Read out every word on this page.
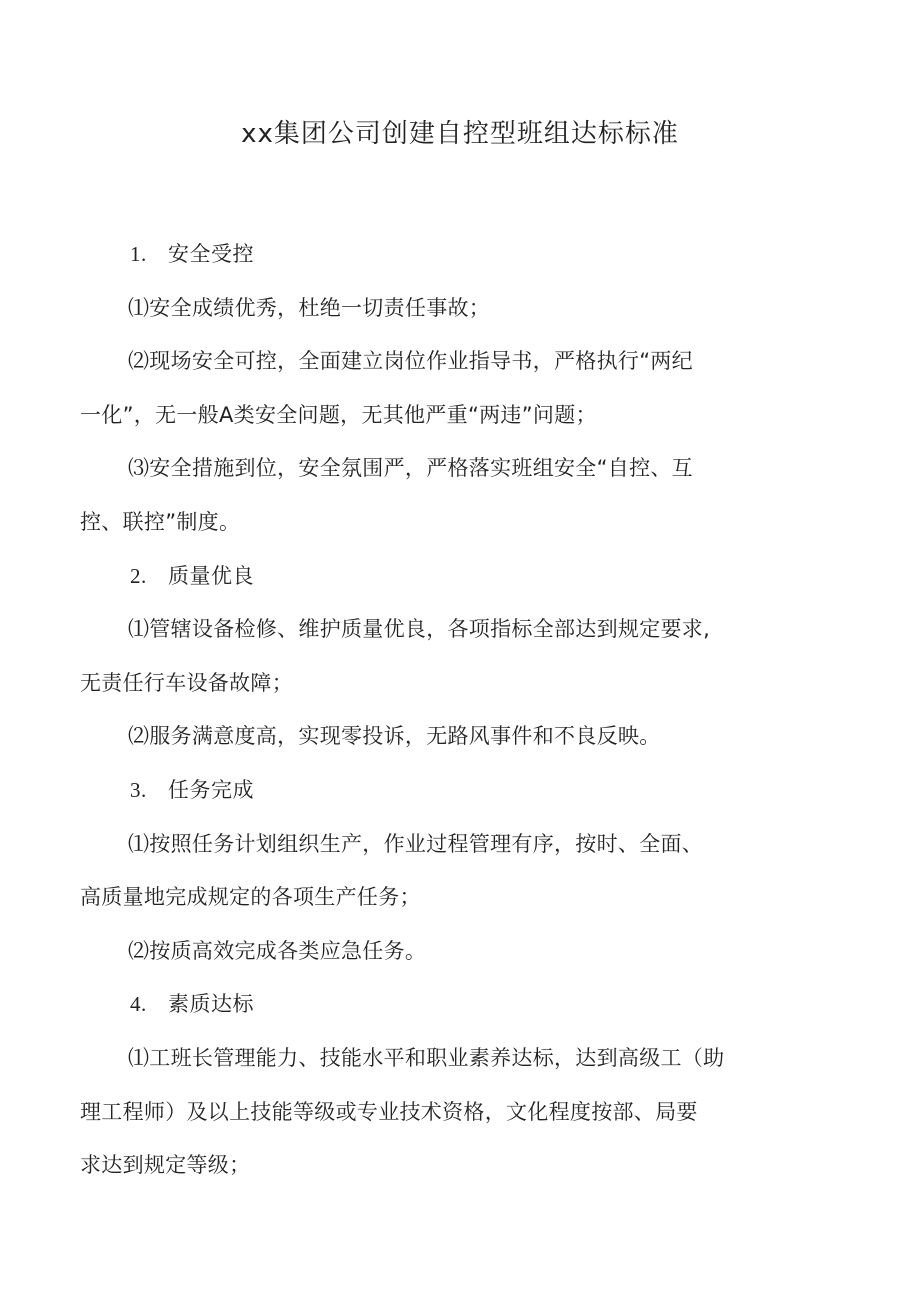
xx集团公司创建自控型班组达标标准

1. 安全受控

⑴安全成绩优秀，杜绝一切责任事故；

⑵现场安全可控，全面建立岗位作业指导书，严格执行“两纪
一化”，无一般A类安全问题，无其他严重“两违”问题；

⑶安全措施到位，安全氛围严，严格落实班组安全“自控、互
控、联控”制度。

2. 质量优良

⑴管辖设备检修、维护质量优良，各项指标全部达到规定要求,
无责任行车设备故障；

⑵服务满意度高，实现零投诉，无路风事件和不良反映。

3. 任务完成

⑴按照任务计划组织生产，作业过程管理有序，按时、全面、
高质量地完成规定的各项生产任务；

⑵按质高效完成各类应急任务。

4. 素质达标

⑴工班长管理能力、技能水平和职业素养达标，达到高级工（助
理工程师）及以上技能等级或专业技术资格，文化程度按部、局要
求达到规定等级；
